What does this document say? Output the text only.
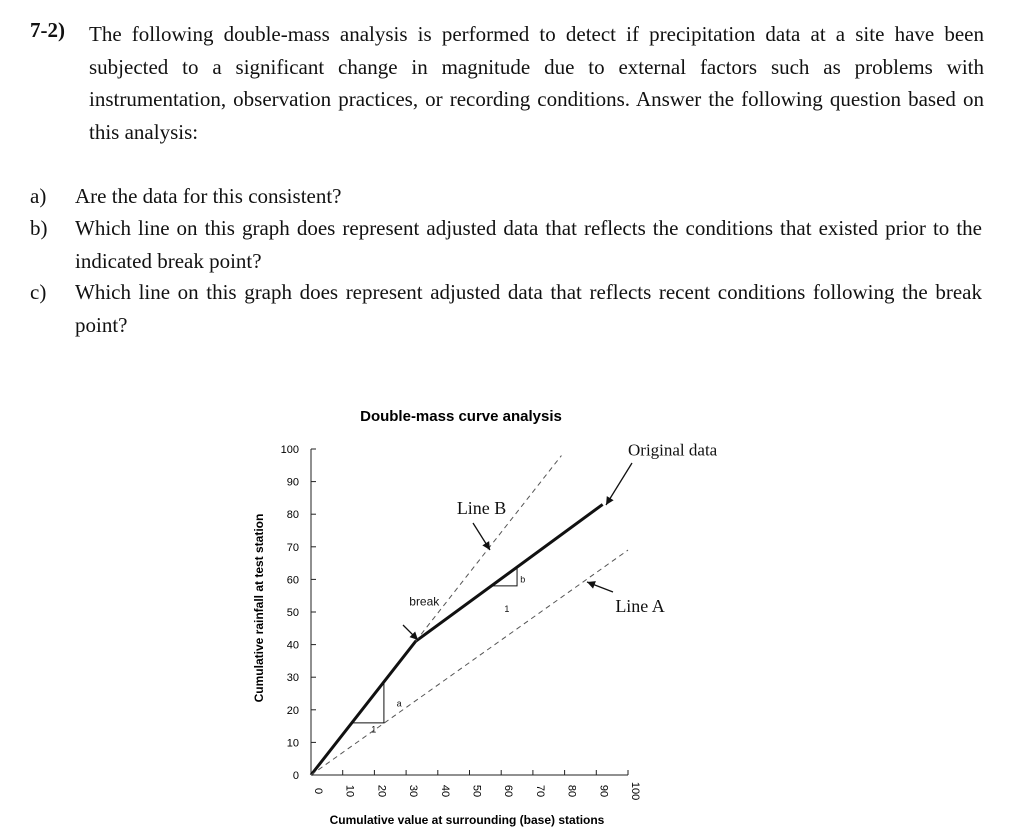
7-2) The following double-mass analysis is performed to detect if precipitation data at a site have been subjected to a significant change in magnitude due to external factors such as problems with instrumentation, observation practices, or recording conditions. Answer the following question based on this analysis:
a)	Are the data for this consistent?
b)	Which line on this graph does represent adjusted data that reflects the conditions that existed prior to the indicated break point?
c)	Which line on this graph does represent adjusted data that reflects recent conditions following the break point?
Double-mass curve analysis
0
10
20
30
40
50
60
70
80
90
100
0 10 20 30 40 50 60 70 80 90 100
Original data
Line B
Line A
break
a
1
b
1
Cumulative value at surrounding (base) stations
Cumulative rainfall at test station
